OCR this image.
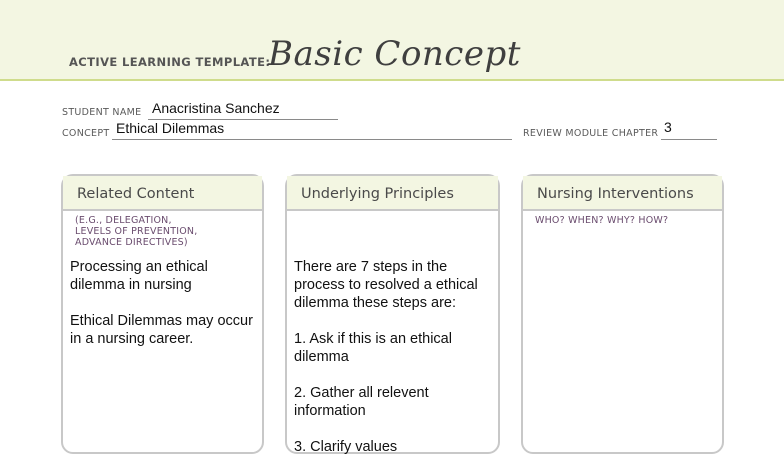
ACTIVE LEARNING TEMPLATE:
Basic Concept
STUDENT NAME Anacristina Sanchez
CONCEPT Ethical Dilemmas	REVIEW MODULE CHAPTER 3
Related Content
(E.G., DELEGATION,
LEVELS OF PREVENTION,
ADVANCE DIRECTIVES)

Processing an ethical dilemma in nursing

Ethical Dilemmas may occur in a nursing career.

Underlying Principles

There are 7 steps in the process to resolved a ethical dilemma these steps are:

1. Ask if this is an ethical dilemma

2. Gather all relevent information

3. Clarify values

Nursing Interventions
WHO? WHEN? WHY? HOW?
